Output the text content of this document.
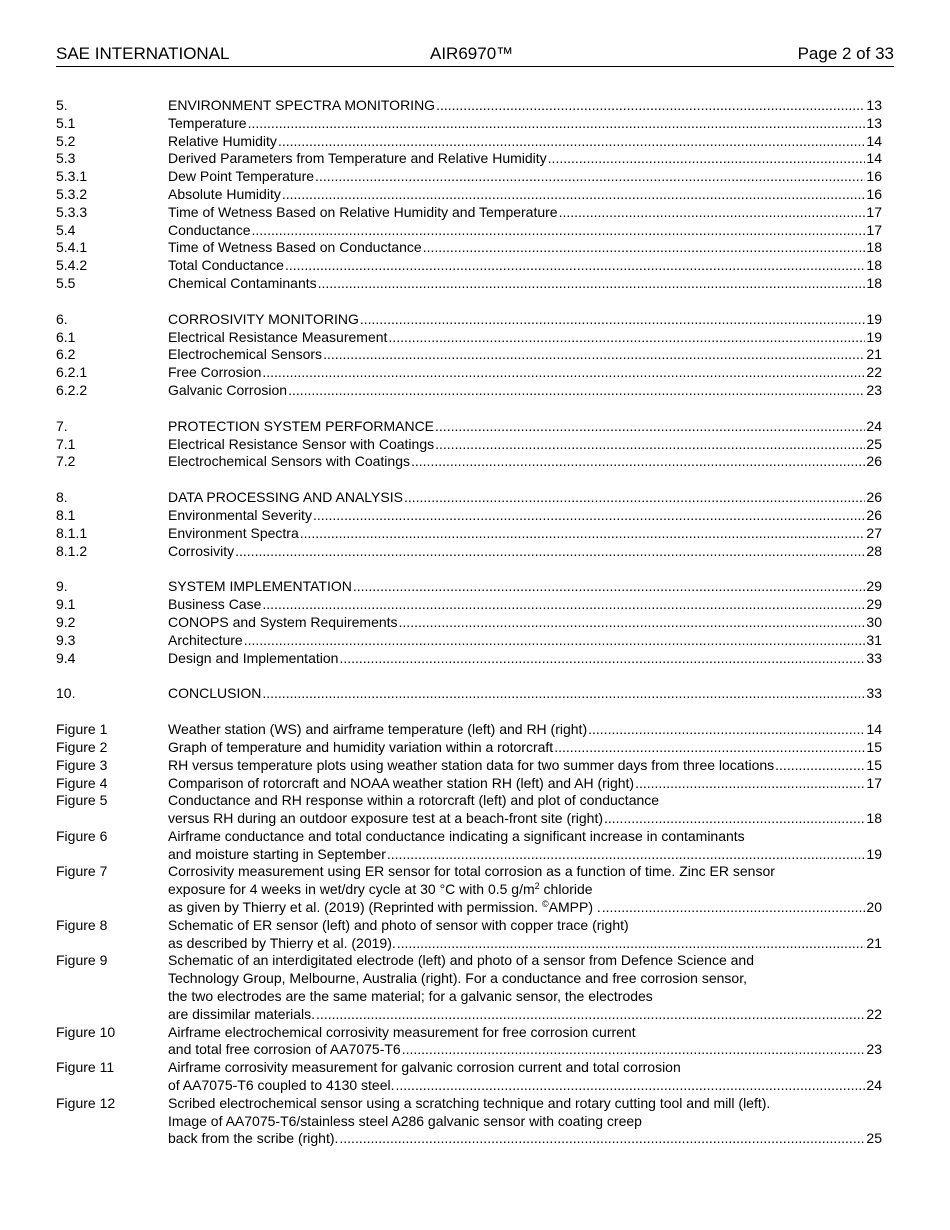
SAE INTERNATIONAL	AIR6970™	Page 2 of 33
5.	ENVIRONMENT SPECTRA MONITORING .....	13
5.1	Temperature .....	13
5.2	Relative Humidity .....	14
5.3	Derived Parameters from Temperature and Relative Humidity .....	14
5.3.1	Dew Point Temperature .....	16
5.3.2	Absolute Humidity .....	16
5.3.3	Time of Wetness Based on Relative Humidity and Temperature .....	17
5.4	Conductance .....	17
5.4.1	Time of Wetness Based on Conductance .....	18
5.4.2	Total Conductance .....	18
5.5	Chemical Contaminants .....	18
6.	CORROSIVITY MONITORING .....	19
6.1	Electrical Resistance Measurement .....	19
6.2	Electrochemical Sensors .....	21
6.2.1	Free Corrosion .....	22
6.2.2	Galvanic Corrosion .....	23
7.	PROTECTION SYSTEM PERFORMANCE .....	24
7.1	Electrical Resistance Sensor with Coatings .....	25
7.2	Electrochemical Sensors with Coatings .....	26
8.	DATA PROCESSING AND ANALYSIS .....	26
8.1	Environmental Severity .....	26
8.1.1	Environment Spectra .....	27
8.1.2	Corrosivity .....	28
9.	SYSTEM IMPLEMENTATION .....	29
9.1	Business Case .....	29
9.2	CONOPS and System Requirements .....	30
9.3	Architecture .....	31
9.4	Design and Implementation .....	33
10.	CONCLUSION .....	33
Figure 1	Weather station (WS) and airframe temperature (left) and RH (right) .....	14
Figure 2	Graph of temperature and humidity variation within a rotorcraft .....	15
Figure 3	RH versus temperature plots using weather station data for two summer days from three locations .....	15
Figure 4	Comparison of rotorcraft and NOAA weather station RH (left) and AH (right) .....	17
Figure 5	Conductance and RH response within a rotorcraft (left) and plot of conductance
versus RH during an outdoor exposure test at a beach-front site (right) .....	18
Figure 6	Airframe conductance and total conductance indicating a significant increase in contaminants
and moisture starting in September .....	19
Figure 7	Corrosivity measurement using ER sensor for total corrosion as a function of time. Zinc ER sensor
exposure for 4 weeks in wet/dry cycle at 30 °C with 0.5 $g/m^2$ chloride
as given by Thierry et al. (2019) (Reprinted with permission. ©AMPP) . .....	20
Figure 8	Schematic of ER sensor (left) and photo of sensor with copper trace (right)
as described by Thierry et al. (2019). .....	21
Figure 9	Schematic of an interdigitated electrode (left) and photo of a sensor from Defence Science and
Technology Group, Melbourne, Australia (right). For a conductance and free corrosion sensor,
the two electrodes are the same material; for a galvanic sensor, the electrodes
are dissimilar materials. .....	22
Figure 10	Airframe electrochemical corrosivity measurement for free corrosion current
and total free corrosion of AA7075-T6 .....	23
Figure 11	Airframe corrosivity measurement for galvanic corrosion current and total corrosion
of AA7075-T6 coupled to 4130 steel. .....	24
Figure 12	Scribed electrochemical sensor using a scratching technique and rotary cutting tool and mill (left).
Image of AA7075-T6/stainless steel A286 galvanic sensor with coating creep
back from the scribe (right). .....	25
